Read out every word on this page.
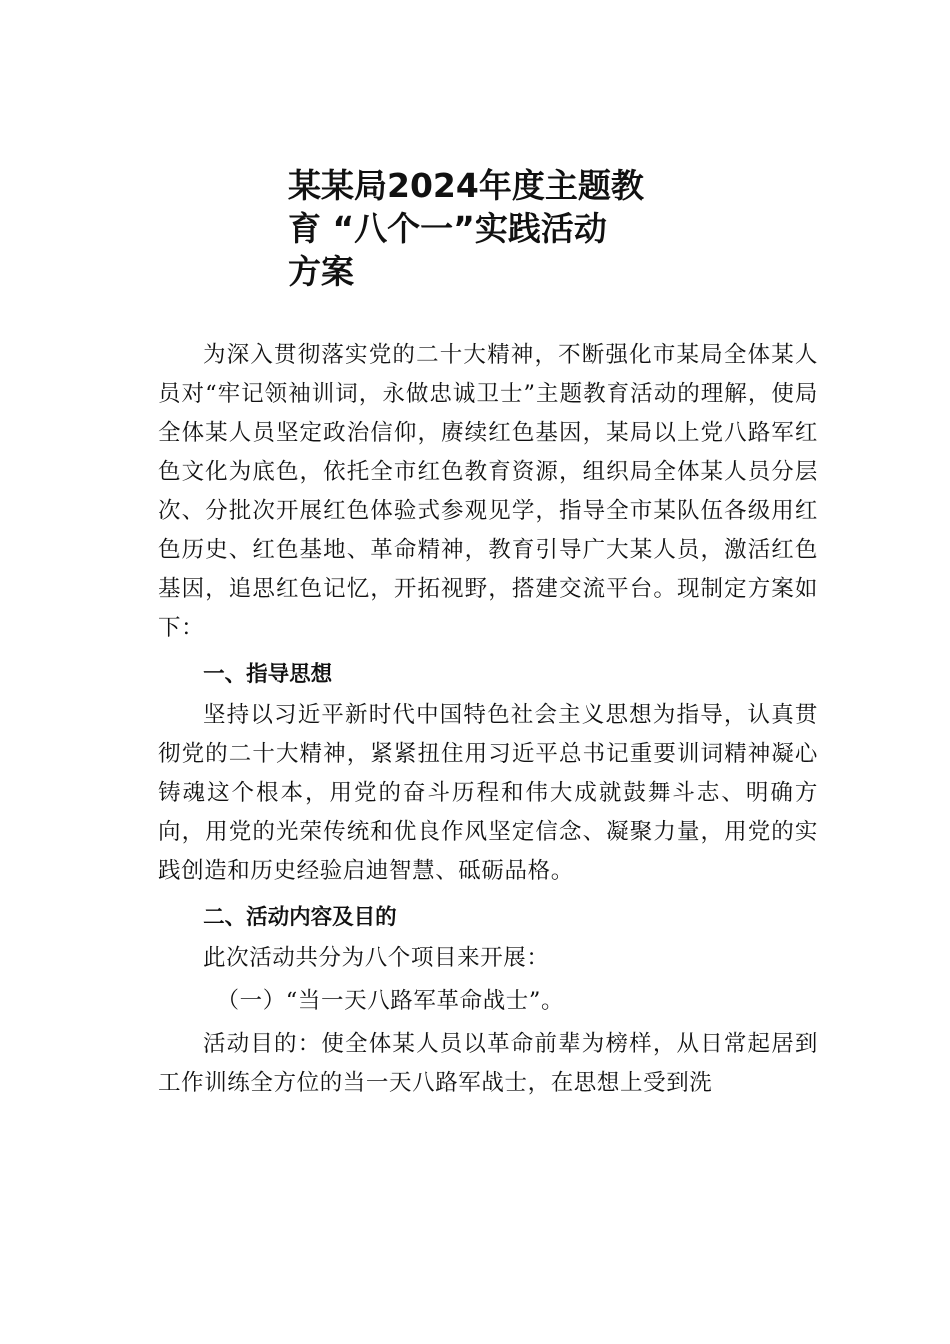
某某局2024年度主题教
育 “八个一”实践活动
方案

为深入贯彻落实党的二十大精神，不断强化市某局全体某人员对“牢记领袖训词，永做忠诚卫士”主题教育活动的理解，使局全体某人员坚定政治信仰，赓续红色基因，某局以上党八路军红色文化为底色，依托全市红色教育资源，组织局全体某人员分层次、分批次开展红色体验式参观见学，指导全市某队伍各级用红色历史、红色基地、革命精神，教育引导广大某人员，激活红色基因，追思红色记忆，开拓视野，搭建交流平台。现制定方案如下：

一、指导思想

坚持以习近平新时代中国特色社会主义思想为指导，认真贯彻党的二十大精神，紧紧扭住用习近平总书记重要训词精神凝心铸魂这个根本，用党的奋斗历程和伟大成就鼓舞斗志、明确方向，用党的光荣传统和优良作风坚定信念、凝聚力量，用党的实践创造和历史经验启迪智慧、砥砺品格。

二、活动内容及目的

此次活动共分为八个项目来开展：

（一）“当一天八路军革命战士”。

活动目的：使全体某人员以革命前辈为榜样，从日常起居到工作训练全方位的当一天八路军战士，在思想上受到洗
